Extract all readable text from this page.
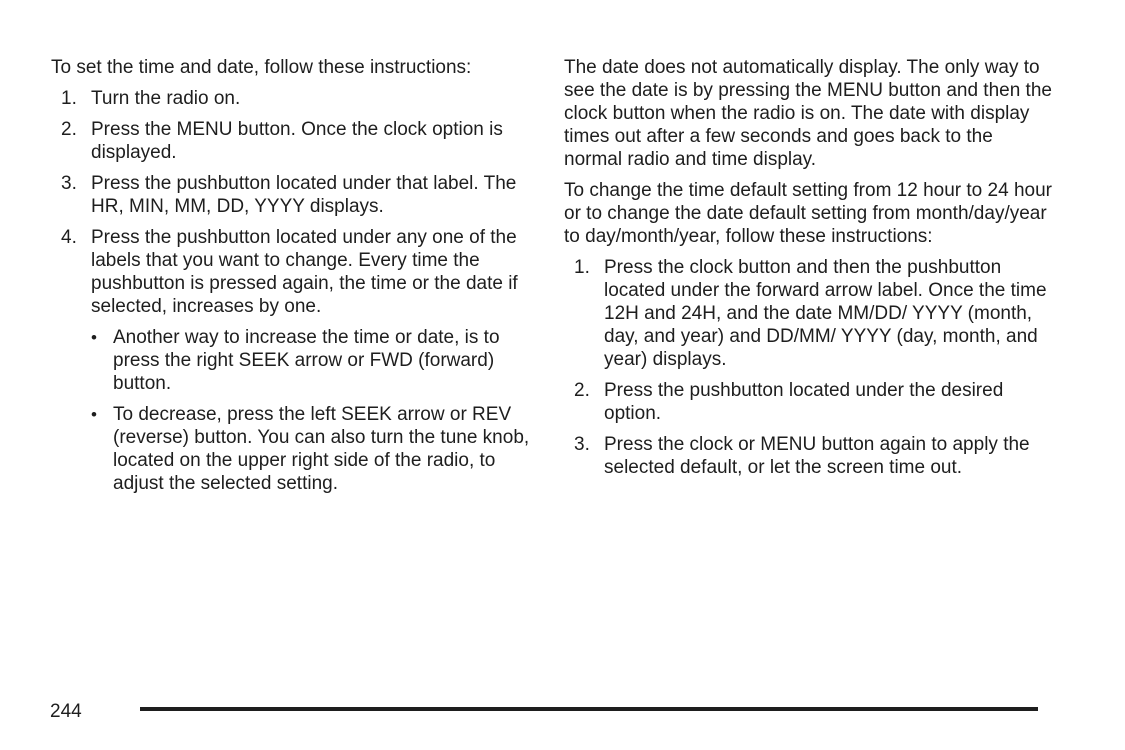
To set the time and date, follow these instructions:

1. Turn the radio on.
2. Press the MENU button. Once the clock option is displayed.
3. Press the pushbutton located under that label. The HR, MIN, MM, DD, YYYY displays.
4. Press the pushbutton located under any one of the labels that you want to change. Every time the pushbutton is pressed again, the time or the date if selected, increases by one.
• Another way to increase the time or date, is to press the right SEEK arrow or FWD (forward) button.
• To decrease, press the left SEEK arrow or REV (reverse) button. You can also turn the tune knob, located on the upper right side of the radio, to adjust the selected setting.

The date does not automatically display. The only way to see the date is by pressing the MENU button and then the clock button when the radio is on. The date with display times out after a few seconds and goes back to the normal radio and time display.

To change the time default setting from 12 hour to 24 hour or to change the date default setting from month/day/year to day/month/year, follow these instructions:

1. Press the clock button and then the pushbutton located under the forward arrow label. Once the time 12H and 24H, and the date MM/DD/ YYYY (month, day, and year) and DD/MM/ YYYY (day, month, and year) displays.
2. Press the pushbutton located under the desired option.
3. Press the clock or MENU button again to apply the selected default, or let the screen time out.
244
